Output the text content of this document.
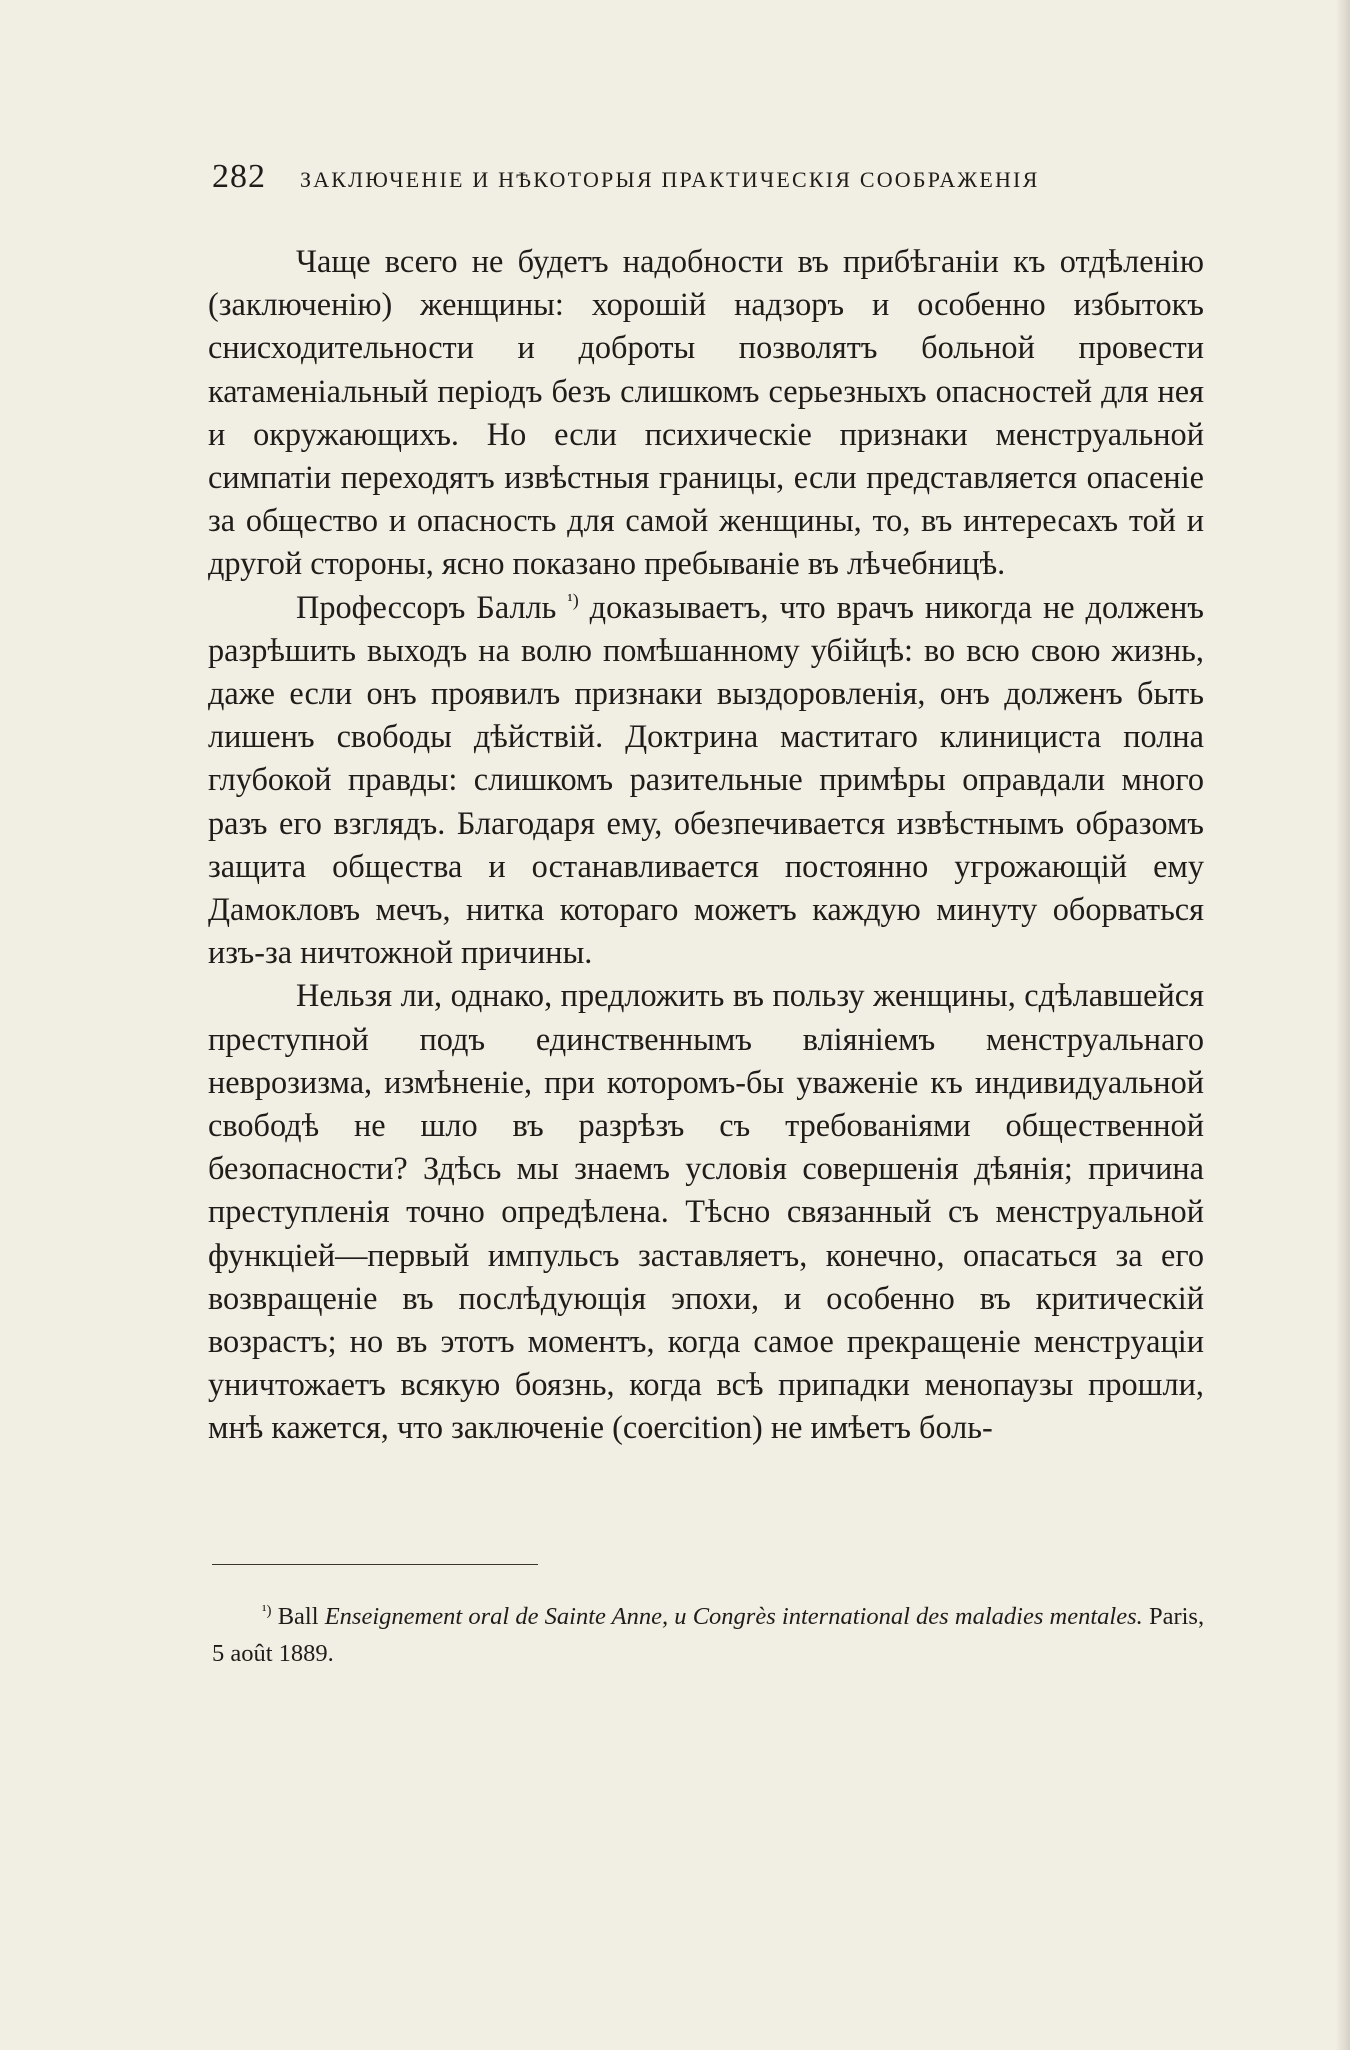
282 ЗАКЛЮЧЕНІЕ И НѢКОТОРЫЯ ПРАКТИЧЕСКІЯ СООБРАЖЕНІЯ

Чаще всего не будетъ надобности въ прибѣганіи къ отдѣленію (заключенію) женщины: хорошій надзоръ и особенно избытокъ снисходительности и доброты позволятъ больной провести катаменіальный періодъ безъ слишкомъ серьезныхъ опасностей для нея и окружающихъ. Но если психическіе признаки менструальной симпатіи переходятъ извѣстныя границы, если представляется опасеніе за общество и опасность для самой женщины, то, въ интересахъ той и другой стороны, ясно показано пребываніе въ лѣчебницѣ.

Профессоръ Балль $^{^1)}$ доказываетъ, что врачъ никогда не долженъ разрѣшить выходъ на волю помѣшанному убійцѣ: во всю свою жизнь, даже если онъ проявилъ признаки выздоровленія, онъ долженъ быть лишенъ свободы дѣйствій. Доктрина маститаго клинициста полна глубокой правды: слишкомъ разительные примѣры оправдали много разъ его взглядъ. Благодаря ему, обезпечивается извѣстнымъ образомъ защита общества и останавливается постоянно угрожающій ему Дамокловъ мечъ, нитка котораго можетъ каждую минуту оборваться изъ-за ничтожной причины.

Нельзя ли, однако, предложить въ пользу женщины, сдѣлавшейся преступной подъ единственнымъ вліяніемъ менструальнаго неврозизма, измѣненіе, при которомъ-бы уваженіе къ индивидуальной свободѣ не шло въ разрѣзъ съ требованіями общественной безопасности? Здѣсь мы знаемъ условія совершенія дѣянія; причина преступленія точно опредѣлена. Тѣсно связанный съ менструальной функціей—первый импульсъ заставляетъ, конечно, опасаться за его возвращеніе въ послѣдующія эпохи, и особенно въ критическій возрастъ; но въ этотъ моментъ, когда самое прекращеніе менструаціи уничтожаетъ всякую боязнь, когда всѣ припадки менопаузы прошли, мнѣ кажется, что заключеніе (coercition) не имѣетъ боль-

$^{^1)}$ Ball Enseignement oral de Sainte Anne, и Congrès international des maladies mentales. Paris, 5 août 1889.
